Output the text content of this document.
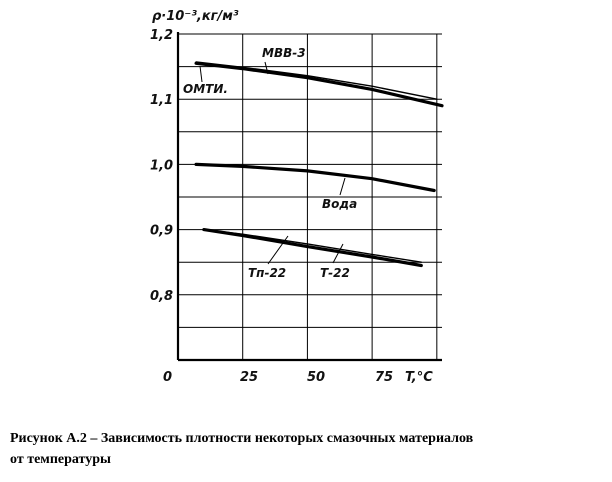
0	25	50	75
0,8
0,9
1,0
1,1
1,2
МВВ-3
ОМТИ.
Вода
Т-22
Тп-22
ρ·10⁻³,кг/м³
T,°C
Рисунок А.2 – Зависимость плотности некоторых смазочных материалов
от температуры
